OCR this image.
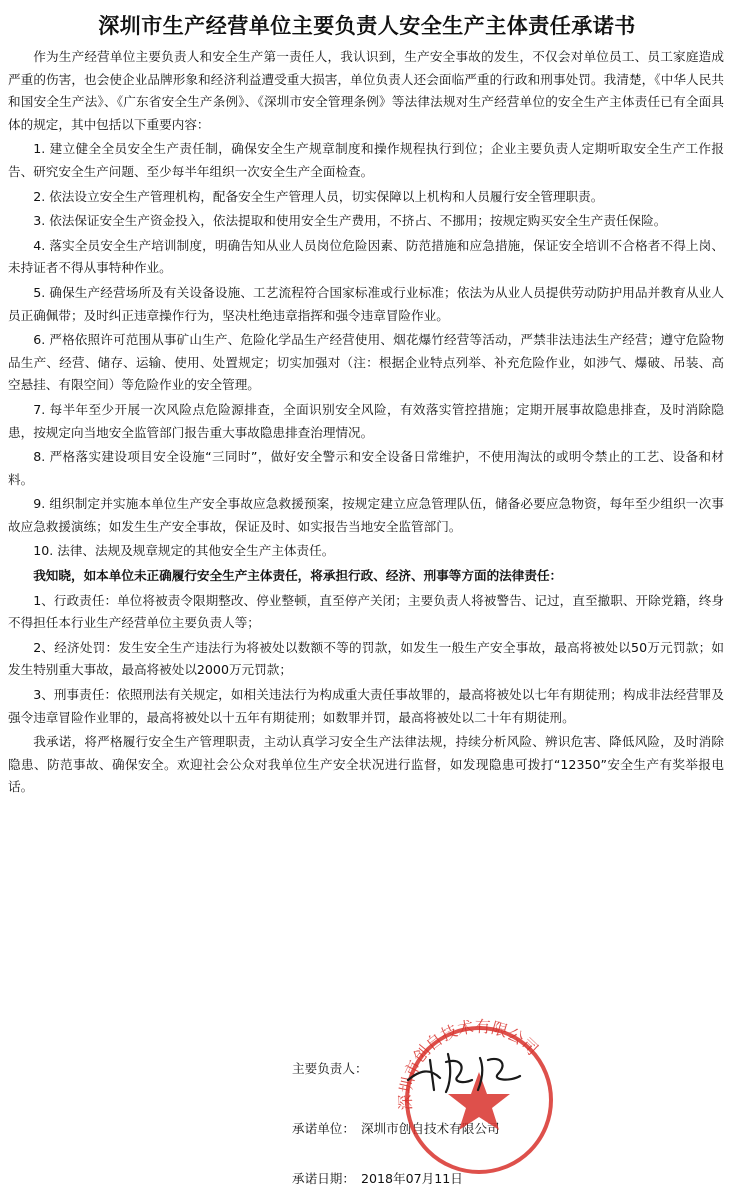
深圳市生产经营单位主要负责人安全生产主体责任承诺书

作为生产经营单位主要负责人和安全生产第一责任人，我认识到，生产安全事故的发生，不仅会对单位员工、员工家庭造成严重的伤害，也会使企业品牌形象和经济利益遭受重大损害，单位负责人还会面临严重的行政和刑事处罚。我清楚，《中华人民共和国安全生产法》、《广东省安全生产条例》、《深圳市安全管理条例》等法律法规对生产经营单位的安全生产主体责任已有全面具体的规定，其中包括以下重要内容：

1. 建立健全全员安全生产责任制，确保安全生产规章制度和操作规程执行到位；企业主要负责人定期听取安全生产工作报告、研究安全生产问题、至少每半年组织一次安全生产全面检查。

2. 依法设立安全生产管理机构，配备安全生产管理人员，切实保障以上机构和人员履行安全管理职责。

3. 依法保证安全生产资金投入，依法提取和使用安全生产费用，不挤占、不挪用；按规定购买安全生产责任保险。

4. 落实全员安全生产培训制度，明确告知从业人员岗位危险因素、防范措施和应急措施，保证安全培训不合格者不得上岗、未持证者不得从事特种作业。

5. 确保生产经营场所及有关设备设施、工艺流程符合国家标准或行业标准；依法为从业人员提供劳动防护用品并教育从业人员正确佩带；及时纠正违章操作行为，坚决杜绝违章指挥和强令违章冒险作业。

6. 严格依照许可范围从事矿山生产、危险化学品生产经营使用、烟花爆竹经营等活动，严禁非法违法生产经营；遵守危险物品生产、经营、储存、运输、使用、处置规定；切实加强对（注：根据企业特点列举、补充危险作业，如涉气、爆破、吊装、高空悬挂、有限空间）等危险作业的安全管理。

7. 每半年至少开展一次风险点危险源排查，全面识别安全风险，有效落实管控措施；定期开展事故隐患排查，及时消除隐患，按规定向当地安全监管部门报告重大事故隐患排查治理情况。

8. 严格落实建设项目安全设施“三同时”，做好安全警示和安全设备日常维护，不使用淘汰的或明令禁止的工艺、设备和材料。

9. 组织制定并实施本单位生产安全事故应急救援预案，按规定建立应急管理队伍，储备必要应急物资，每年至少组织一次事故应急救援演练；如发生生产安全事故，保证及时、如实报告当地安全监管部门。

10. 法律、法规及规章规定的其他安全生产主体责任。

我知晓，如本单位未正确履行安全生产主体责任，将承担行政、经济、刑事等方面的法律责任：

1、行政责任：单位将被责令限期整改、停业整顿，直至停产关闭；主要负责人将被警告、记过，直至撤职、开除党籍，终身不得担任本行业生产经营单位主要负责人等；

2、经济处罚：发生安全生产违法行为将被处以数额不等的罚款，如发生一般生产安全事故，最高将被处以50万元罚款；如发生特别重大事故，最高将被处以2000万元罚款；

3、刑事责任：依照刑法有关规定，如相关违法行为构成重大责任事故罪的，最高将被处以七年有期徒刑；构成非法经营罪及强令违章冒险作业罪的，最高将被处以十五年有期徒刑；如数罪并罚，最高将被处以二十年有期徒刑。

我承诺，将严格履行安全生产管理职责，主动认真学习安全生产法律法规，持续分析风险、辨识危害、降低风险，及时消除隐患、防范事故、确保安全。欢迎社会公众对我单位生产安全状况进行监督，如发现隐患可拨打“12350”安全生产有奖举报电话。

主要负责人：
承诺单位： 深圳市创自技术有限公司
承诺日期： 2018年07月11日
深圳市创自技术有限公司
